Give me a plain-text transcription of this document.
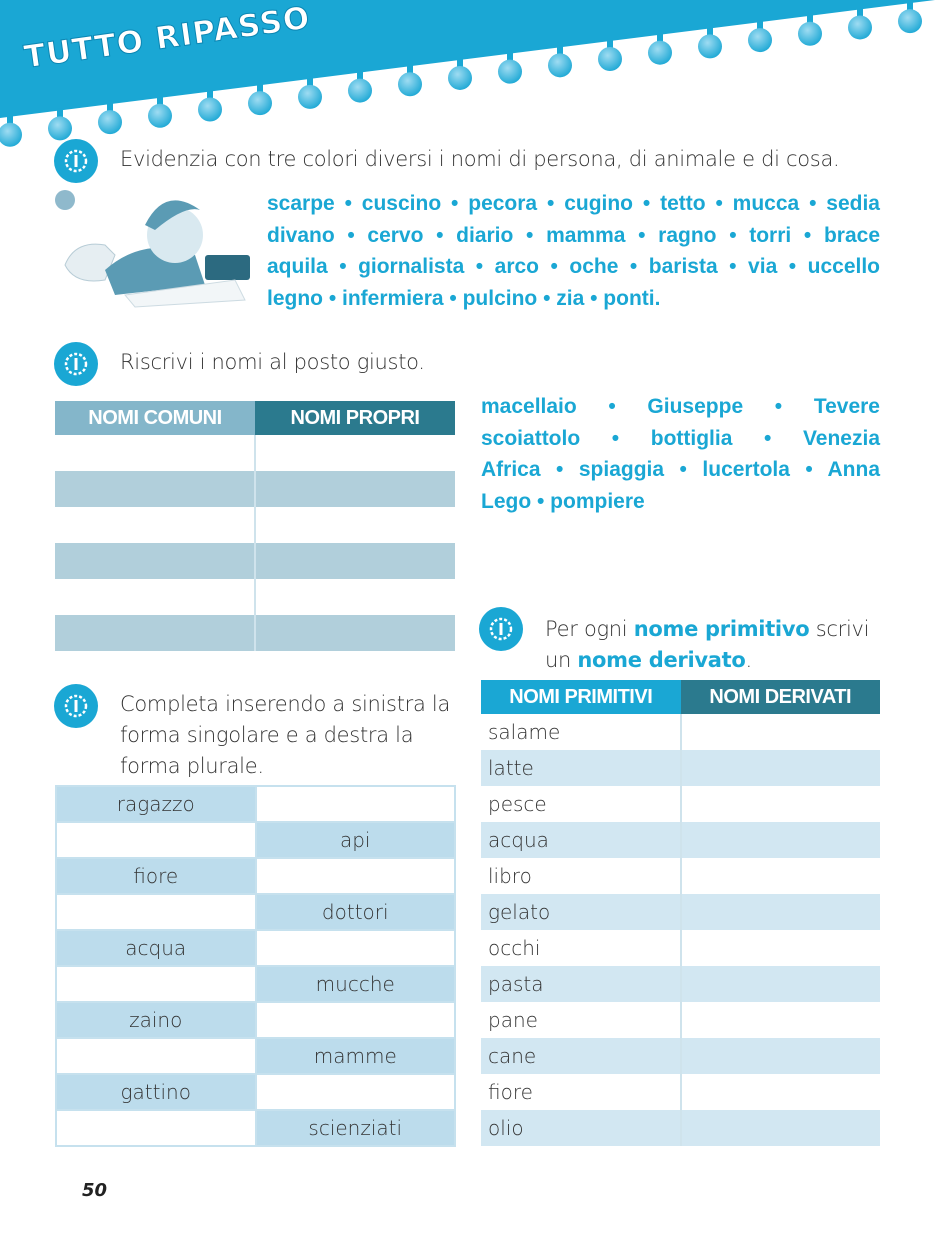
TUTTO RIPASSO
Evidenzia con tre colori diversi i nomi di persona, di animale e di cosa.
scarpe • cuscino • pecora • cugino • tetto • mucca • sedia
divano • cervo • diario • mamma • ragno • torri • brace
aquila • giornalista • arco • oche • barista • via • uccello
legno • infermiera • pulcino • zia • ponti.
Riscrivi i nomi al posto giusto.
NOMI COMUNI	NOMI PROPRI

		macellaio • Giuseppe • Tevere
scoiattolo • bottiglia • Venezia
Africa • spiaggia • lucertola • Anna
Lego • pompiere
Per ogni nome primitivo scrivi un nome derivato.
NOMI PRIMITIVI	NOMI DERIVATI
salame	
latte	
pesce	
acqua	
libro	
gelato	
occhi	
pasta	
pane	
cane	
fiore	
olio	
Completa inserendo a sinistra la forma singolare e a destra la forma plurale.
ragazzo	
	api
fiore	
	dottori
acqua	
	mucche
zaino	
	mamme
gattino	
	scienziati
50
